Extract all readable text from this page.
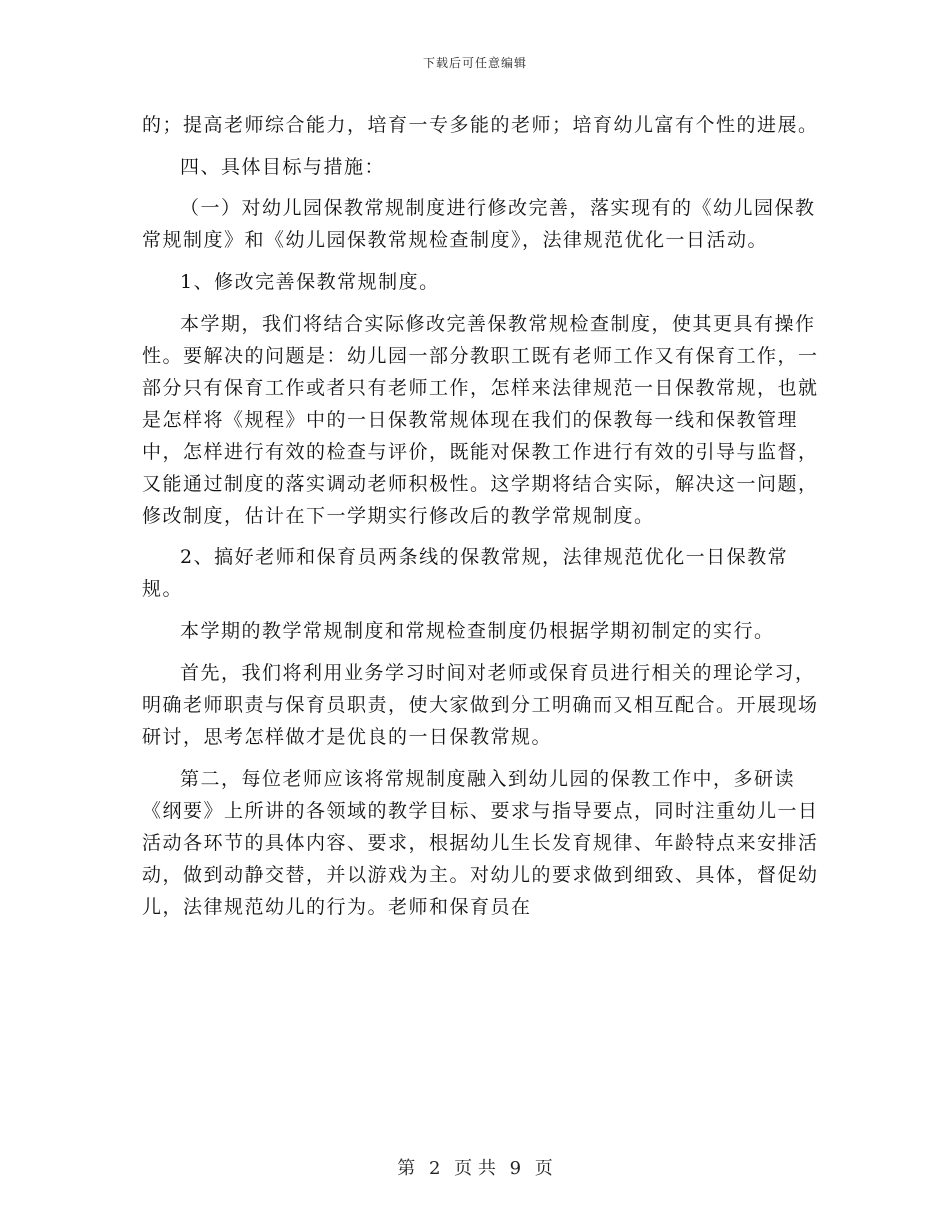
下载后可任意编辑

的；提高老师综合能力，培育一专多能的老师；培育幼儿富有个性的进展。

四、具体目标与措施：

（一）对幼儿园保教常规制度进行修改完善，落实现有的《幼儿园保教常规制度》和《幼儿园保教常规检查制度》，法律规范优化一日活动。

1、修改完善保教常规制度。

本学期，我们将结合实际修改完善保教常规检查制度，使其更具有操作性。要解决的问题是：幼儿园一部分教职工既有老师工作又有保育工作，一部分只有保育工作或者只有老师工作，怎样来法律规范一日保教常规，也就是怎样将《规程》中的一日保教常规体现在我们的保教每一线和保教管理中，怎样进行有效的检查与评价，既能对保教工作进行有效的引导与监督，又能通过制度的落实调动老师积极性。这学期将结合实际，解决这一问题，修改制度，估计在下一学期实行修改后的教学常规制度。

2、搞好老师和保育员两条线的保教常规，法律规范优化一日保教常规。

本学期的教学常规制度和常规检查制度仍根据学期初制定的实行。

首先，我们将利用业务学习时间对老师或保育员进行相关的理论学习，明确老师职责与保育员职责，使大家做到分工明确而又相互配合。开展现场研讨，思考怎样做才是优良的一日保教常规。

第二，每位老师应该将常规制度融入到幼儿园的保教工作中，多研读《纲要》上所讲的各领域的教学目标、要求与指导要点，同时注重幼儿一日活动各环节的具体内容、要求，根据幼儿生长发育规律、年龄特点来安排活动，做到动静交替，并以游戏为主。对幼儿的要求做到细致、具体，督促幼儿，法律规范幼儿的行为。老师和保育员在

第 2 页 共 9 页
